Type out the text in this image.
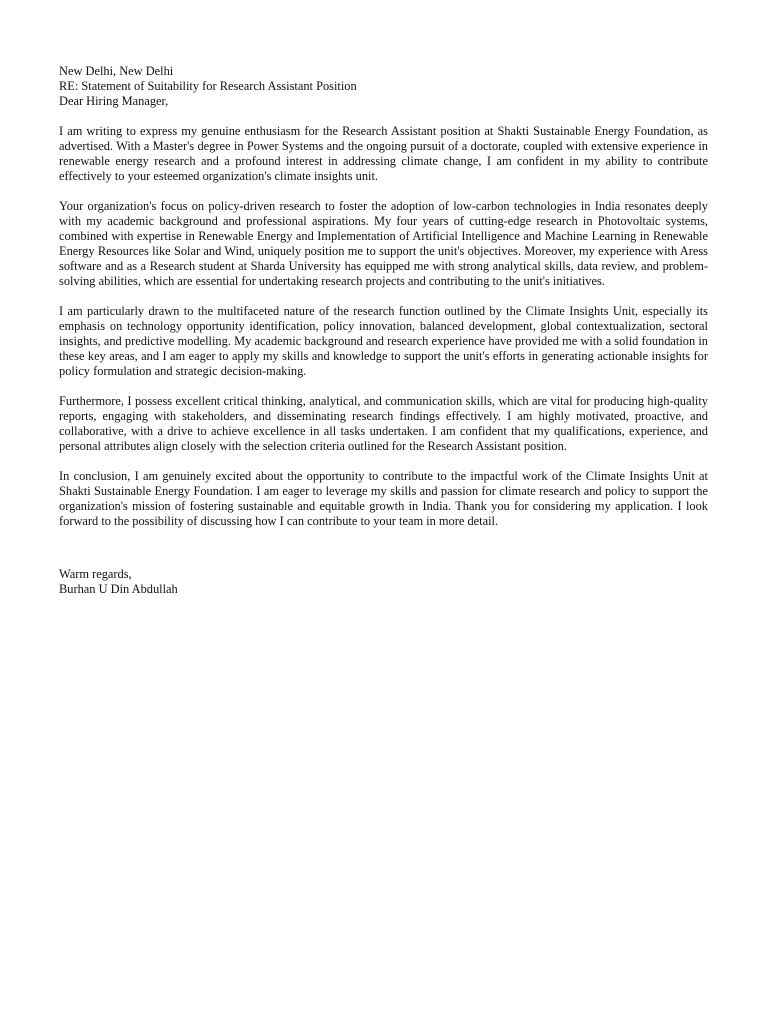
New Delhi, New Delhi

RE: Statement of Suitability for Research Assistant Position

Dear Hiring Manager,

I am writing to express my genuine enthusiasm for the Research Assistant position at Shakti Sustainable Energy Foundation, as advertised. With a Master's degree in Power Systems and the ongoing pursuit of a doctorate, coupled with extensive experience in renewable energy research and a profound interest in addressing climate change, I am confident in my ability to contribute effectively to your esteemed organization's climate insights unit.

Your organization's focus on policy-driven research to foster the adoption of low-carbon technologies in India resonates deeply with my academic background and professional aspirations. My four years of cutting-edge research in Photovoltaic systems, combined with expertise in Renewable Energy and Implementation of Artificial Intelligence and Machine Learning in Renewable Energy Resources like Solar and Wind, uniquely position me to support the unit's objectives. Moreover, my experience with Aress software and as a Research student at Sharda University has equipped me with strong analytical skills, data review, and problem-solving abilities, which are essential for undertaking research projects and contributing to the unit's initiatives.

I am particularly drawn to the multifaceted nature of the research function outlined by the Climate Insights Unit, especially its emphasis on technology opportunity identification, policy innovation, balanced development, global contextualization, sectoral insights, and predictive modelling. My academic background and research experience have provided me with a solid foundation in these key areas, and I am eager to apply my skills and knowledge to support the unit's efforts in generating actionable insights for policy formulation and strategic decision-making.

Furthermore, I possess excellent critical thinking, analytical, and communication skills, which are vital for producing high-quality reports, engaging with stakeholders, and disseminating research findings effectively. I am highly motivated, proactive, and collaborative, with a drive to achieve excellence in all tasks undertaken. I am confident that my qualifications, experience, and personal attributes align closely with the selection criteria outlined for the Research Assistant position.

In conclusion, I am genuinely excited about the opportunity to contribute to the impactful work of the Climate Insights Unit at Shakti Sustainable Energy Foundation. I am eager to leverage my skills and passion for climate research and policy to support the organization's mission of fostering sustainable and equitable growth in India. Thank you for considering my application. I look forward to the possibility of discussing how I can contribute to your team in more detail.

Warm regards,

Burhan U Din Abdullah
